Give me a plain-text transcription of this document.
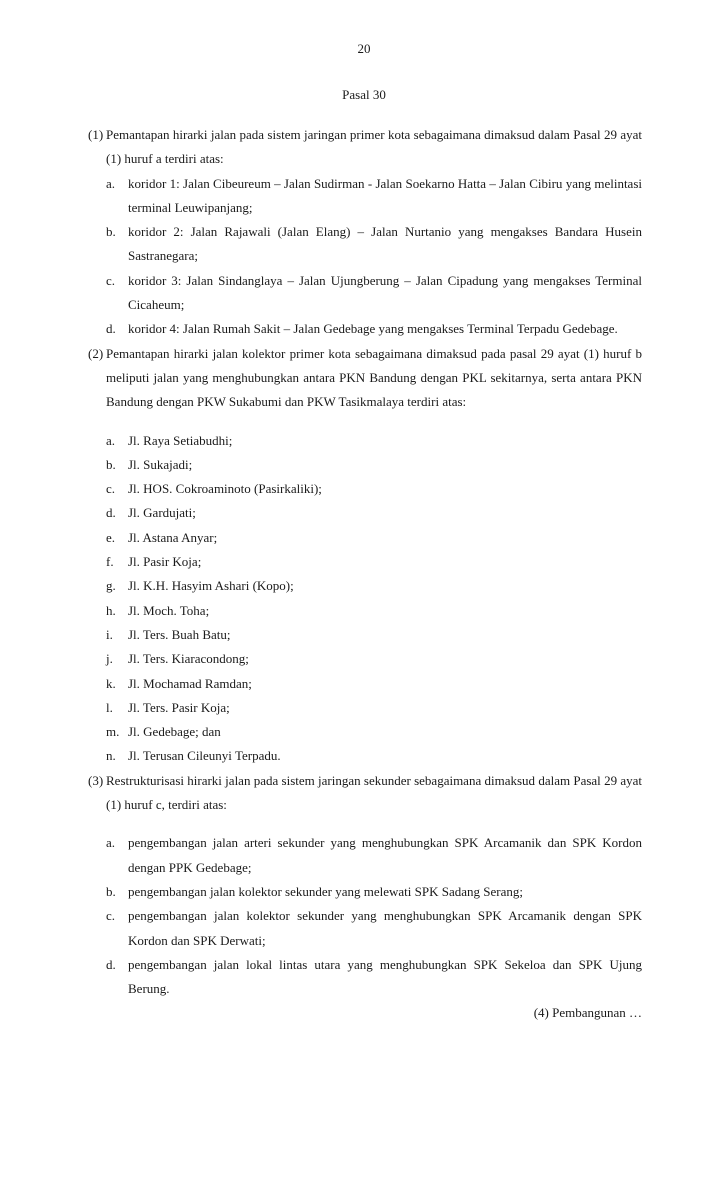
20
Pasal 30
(1) Pemantapan hirarki jalan pada sistem jaringan primer kota sebagaimana dimaksud dalam Pasal 29 ayat (1) huruf a terdiri atas:
a. koridor 1: Jalan Cibeureum – Jalan Sudirman - Jalan Soekarno Hatta – Jalan Cibiru yang melintasi terminal Leuwipanjang;
b. koridor 2: Jalan Rajawali (Jalan Elang) – Jalan Nurtanio yang mengakses Bandara Husein Sastranegara;
c. koridor 3: Jalan Sindanglaya – Jalan Ujungberung – Jalan Cipadung yang mengakses Terminal Cicaheum;
d. koridor 4: Jalan Rumah Sakit – Jalan Gedebage yang mengakses Terminal Terpadu Gedebage.
(2) Pemantapan hirarki jalan kolektor primer kota sebagaimana dimaksud pada pasal 29 ayat (1) huruf b meliputi jalan yang menghubungkan antara PKN Bandung dengan PKL sekitarnya, serta antara PKN Bandung dengan PKW Sukabumi dan PKW Tasikmalaya terdiri atas:
a. Jl. Raya Setiabudhi;
b. Jl. Sukajadi;
c. Jl. HOS. Cokroaminoto (Pasirkaliki);
d. Jl. Gardujati;
e. Jl. Astana Anyar;
f.	Jl. Pasir Koja;
g. Jl. K.H. Hasyim Ashari (Kopo);
h. Jl. Moch. Toha;
i.	Jl. Ters. Buah Batu;
j.	Jl. Ters. Kiaracondong;
k. Jl. Mochamad Ramdan;
l.	Jl. Ters. Pasir Koja;
m. Jl. Gedebage; dan
n. Jl. Terusan Cileunyi Terpadu.
(3) Restrukturisasi hirarki jalan pada sistem jaringan sekunder sebagaimana dimaksud dalam Pasal 29 ayat (1) huruf c, terdiri atas:
a. pengembangan jalan arteri sekunder yang menghubungkan SPK Arcamanik dan SPK Kordon dengan PPK Gedebage;
b. pengembangan jalan kolektor sekunder yang melewati SPK Sadang Serang;
c. pengembangan jalan kolektor sekunder yang menghubungkan SPK Arcamanik dengan SPK Kordon dan SPK Derwati;
d. pengembangan jalan lokal lintas utara yang menghubungkan SPK Sekeloa dan SPK Ujung Berung.
(4) Pembangunan …
